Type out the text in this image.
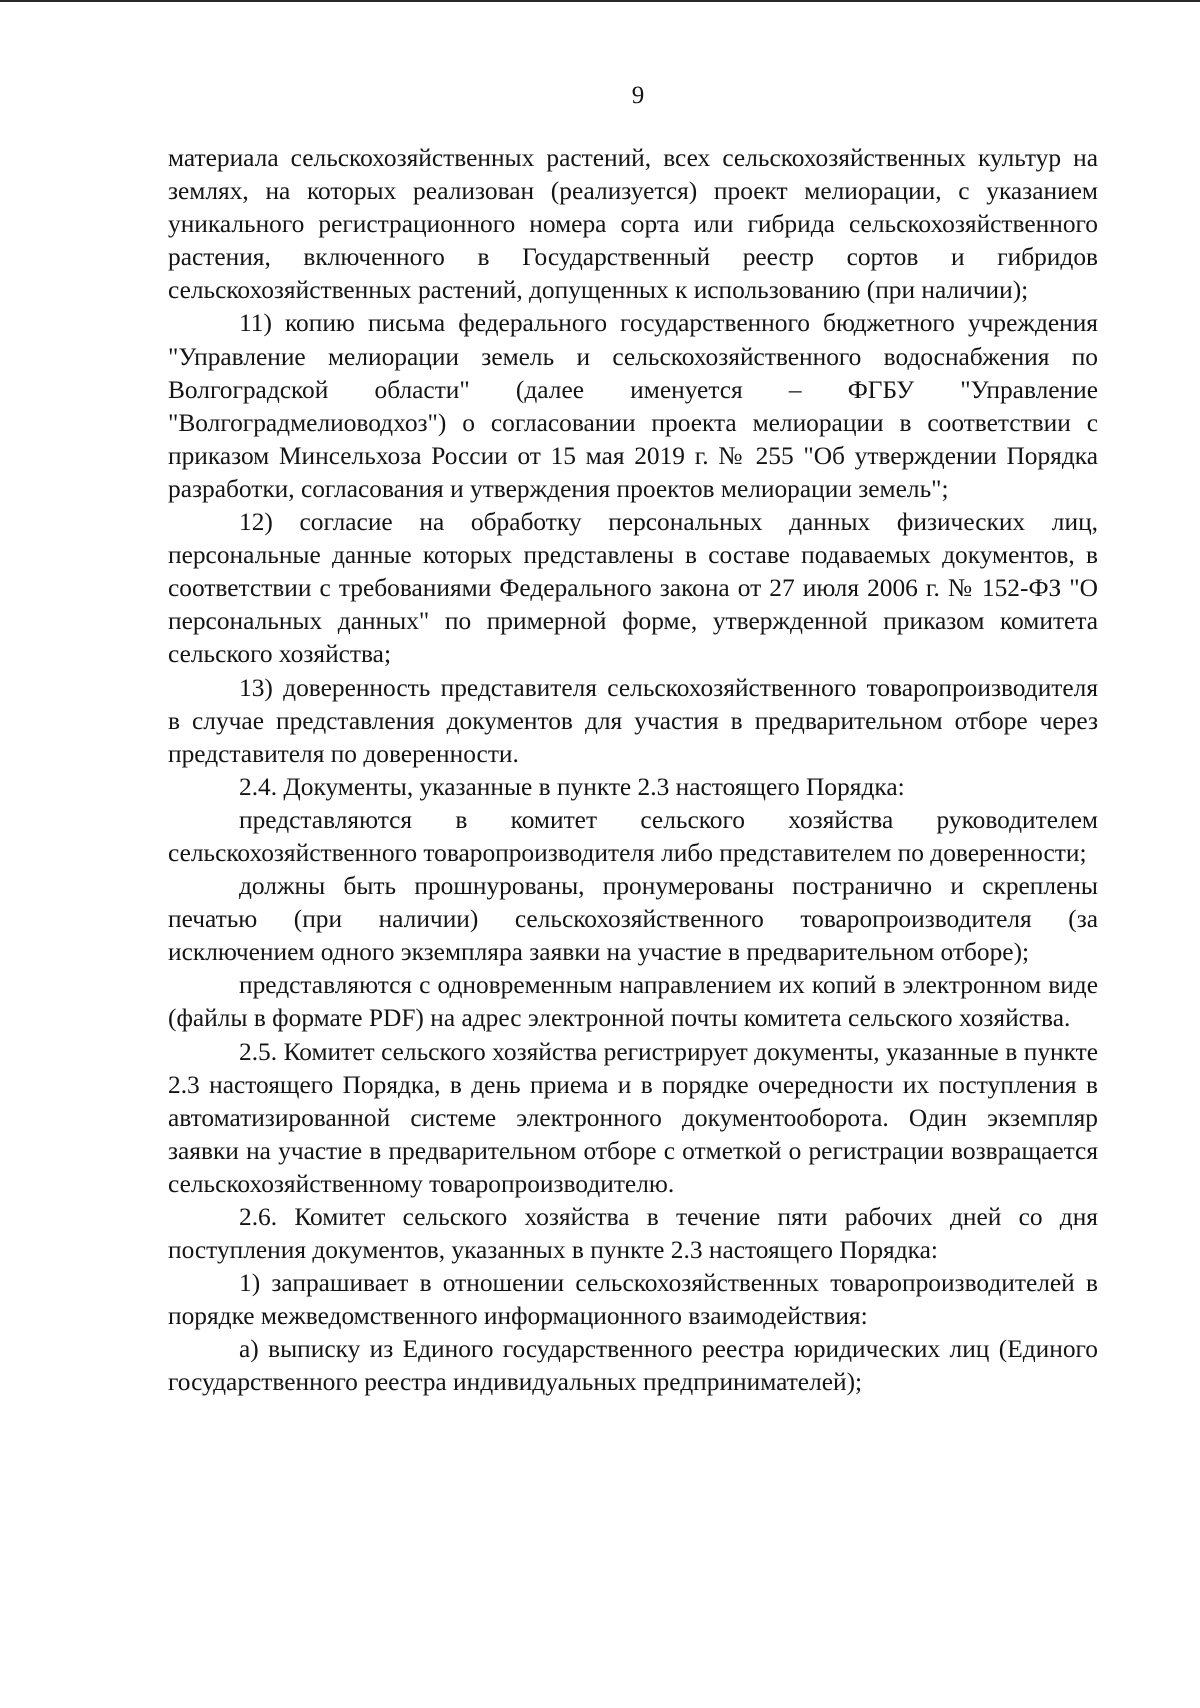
9

материала сельскохозяйственных растений, всех сельскохозяйственных культур на землях, на которых реализован (реализуется) проект мелиорации, с указанием уникального регистрационного номера сорта или гибрида сельскохозяйственного растения, включенного в Государственный реестр сортов и гибридов сельскохозяйственных растений, допущенных к использованию (при наличии);

11) копию письма федерального государственного бюджетного учреждения "Управление мелиорации земель и сельскохозяйственного водоснабжения по Волгоградской области" (далее именуется – ФГБУ "Управление "Волгоградмелиоводхоз") о согласовании проекта мелиорации в соответствии с приказом Минсельхоза России от 15 мая 2019 г. № 255 "Об утверждении Порядка разработки, согласования и утверждения проектов мелиорации земель";

12) согласие на обработку персональных данных физических лиц, персональные данные которых представлены в составе подаваемых документов, в соответствии с требованиями Федерального закона от 27 июля 2006 г. № 152-ФЗ "О персональных данных" по примерной форме, утвержденной приказом комитета сельского хозяйства;

13) доверенность представителя сельскохозяйственного товаропроизводителя в случае представления документов для участия в предварительном отборе через представителя по доверенности.

2.4. Документы, указанные в пункте 2.3 настоящего Порядка:

представляются в комитет сельского хозяйства руководителем сельскохозяйственного товаропроизводителя либо представителем по доверенности;

должны быть прошнурованы, пронумерованы постранично и скреплены печатью (при наличии) сельскохозяйственного товаропроизводителя (за исключением одного экземпляра заявки на участие в предварительном отборе);

представляются с одновременным направлением их копий в электронном виде (файлы в формате PDF) на адрес электронной почты комитета сельского хозяйства.

2.5. Комитет сельского хозяйства регистрирует документы, указанные в пункте 2.3 настоящего Порядка, в день приема и в порядке очередности их поступления в автоматизированной системе электронного документооборота. Один экземпляр заявки на участие в предварительном отборе с отметкой о регистрации возвращается сельскохозяйственному товаропроизводителю.

2.6. Комитет сельского хозяйства в течение пяти рабочих дней со дня поступления документов, указанных в пункте 2.3 настоящего Порядка:

1) запрашивает в отношении сельскохозяйственных товаропроизводителей в порядке межведомственного информационного взаимодействия:

а) выписку из Единого государственного реестра юридических лиц (Единого государственного реестра индивидуальных предпринимателей);
